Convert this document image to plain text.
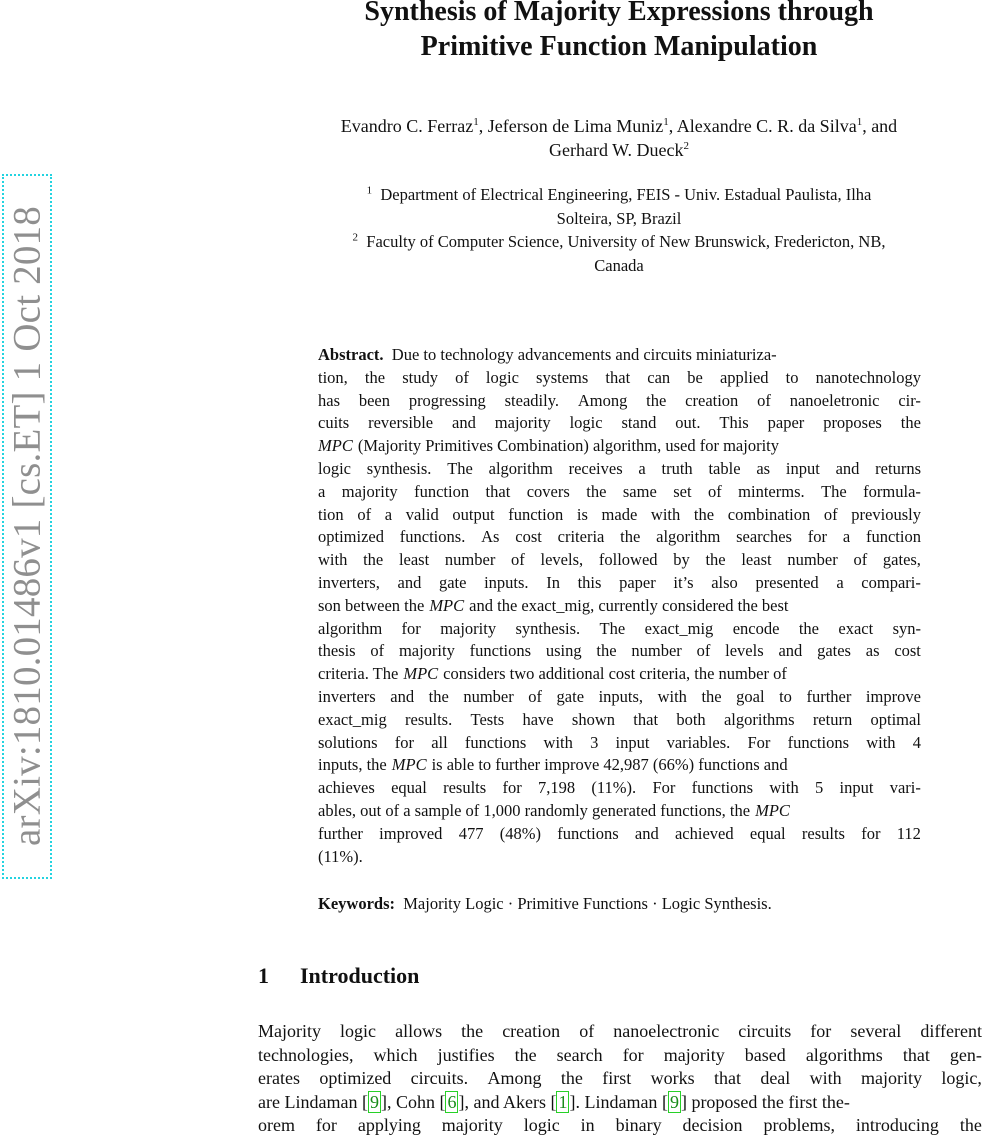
arXiv:1810.01486v1 [cs.ET] 1 Oct 2018
Synthesis of Majority Expressions through
Primitive Function Manipulation
Evandro C. Ferraz$^1$, Jeferson de Lima Muniz$^1$, Alexandre C. R. da Silva$^1$, and
Gerhard W. Dueck$^2$
$^1$ Department of Electrical Engineering, FEIS - Univ. Estadual Paulista, Ilha
Solteira, SP, Brazil
$^2$ Faculty of Computer Science, University of New Brunswick, Fredericton, NB,
Canada
Abstract. Due to technology advancements and circuits miniaturiza-
tion, the study of logic systems that can be applied to nanotechnology
has been progressing steadily. Among the creation of nanoeletronic cir-
cuits reversible and majority logic stand out. This paper proposes the
MPC (Majority Primitives Combination) algorithm, used for majority
logic synthesis. The algorithm receives a truth table as input and returns
a majority function that covers the same set of minterms. The formula-
tion of a valid output function is made with the combination of previously
optimized functions. As cost criteria the algorithm searches for a function
with the least number of levels, followed by the least number of gates,
inverters, and gate inputs. In this paper it’s also presented a compari-
son between the MPC and the exact_mig, currently considered the best
algorithm for majority synthesis. The exact_mig encode the exact syn-
thesis of majority functions using the number of levels and gates as cost
criteria. The MPC considers two additional cost criteria, the number of
inverters and the number of gate inputs, with the goal to further improve
exact_mig results. Tests have shown that both algorithms return optimal
solutions for all functions with 3 input variables. For functions with 4
inputs, the MPC is able to further improve 42,987 (66%) functions and
achieves equal results for 7,198 (11%). For functions with 5 input vari-
ables, out of a sample of 1,000 randomly generated functions, the MPC
further improved 477 (48%) functions and achieved equal results for 112
(11%).
Keywords: Majority Logic · Primitive Functions · Logic Synthesis.
1 Introduction
Majority logic allows the creation of nanoelectronic circuits for several different
technologies, which justifies the search for majority based algorithms that gen-
erates optimized circuits. Among the first works that deal with majority logic,
are Lindaman [ 9 ], Cohn [ 6 ], and Akers [ 1 ]. Lindaman [ 9 ] proposed the first the-
orem for applying majority logic in binary decision problems, introducing the
